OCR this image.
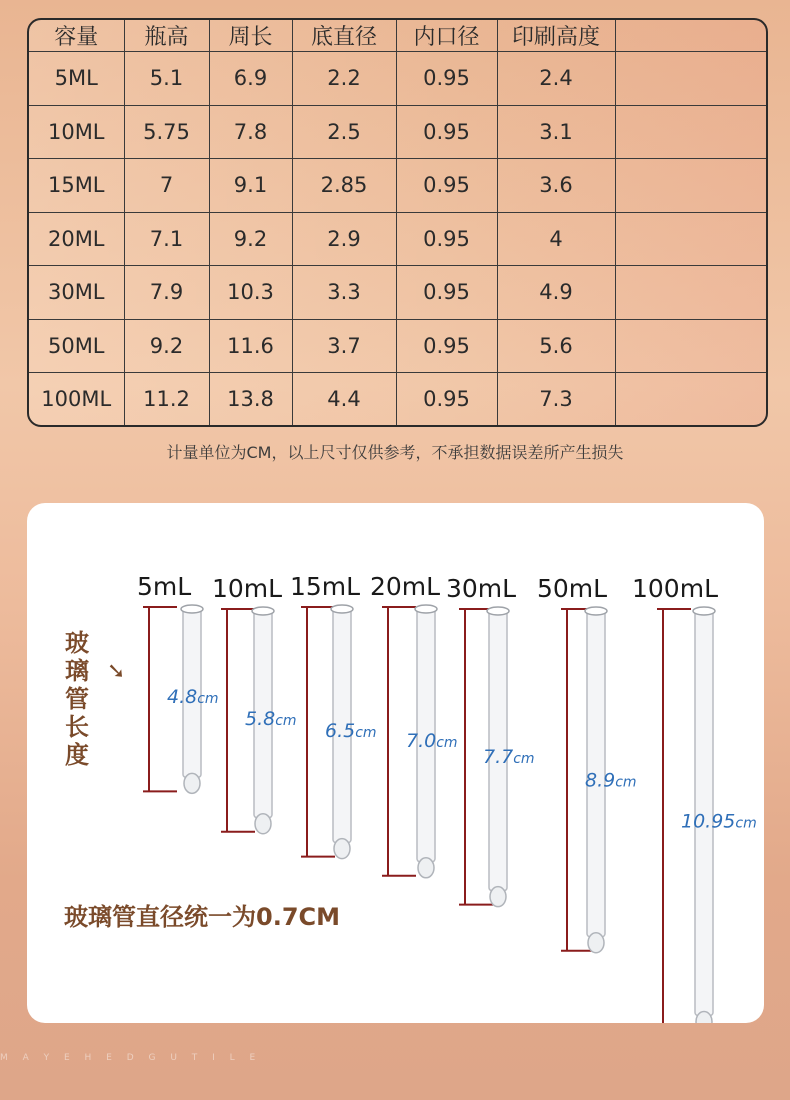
容量	瓶高	周长	底直径	内口径	印刷高度	
5ML	5.1	6.9	2.2	0.95	2.4	
10ML	5.75	7.8	2.5	0.95	3.1	
15ML	7	9.1	2.85	0.95	3.6	
20ML	7.1	9.2	2.9	0.95	4	
30ML	7.9	10.3	3.3	0.95	4.9	
50ML	9.2	11.6	3.7	0.95	5.6	
100ML	11.2	13.8	4.4	0.95	7.3	
计量单位为CM，以上尺寸仅供参考，不承担数据误差所产生损失
玻
璃
管
长
度
➘
5mL
4.8cm
10mL
5.8cm
15mL
6.5cm
20mL
7.0cm
30mL
7.7cm
50mL
8.9cm
100mL
10.95cm
玻璃管直径统一为0.7CM
M A Y E H E D G U T I L E
